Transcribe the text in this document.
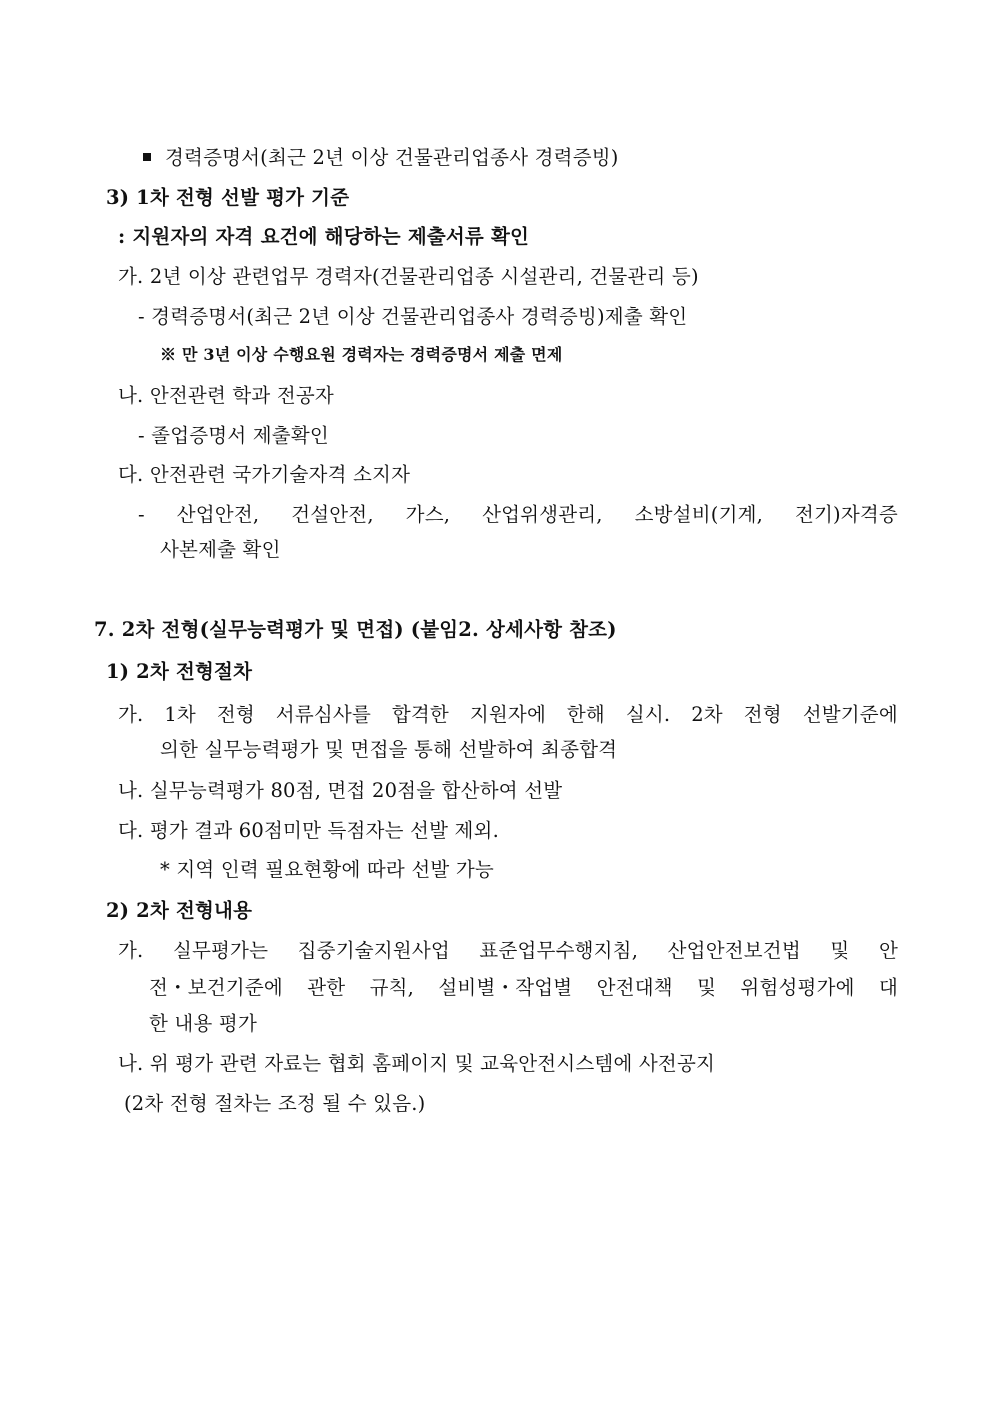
경력증명서(최근 2년 이상 건물관리업종사 경력증빙)
3) 1차 전형 선발 평가 기준
: 지원자의 자격 요건에 해당하는 제출서류 확인
가. 2년 이상 관련업무 경력자(건물관리업종 시설관리, 건물관리 등)
- 경력증명서(최근 2년 이상 건물관리업종사 경력증빙)제출 확인
※ 만 3년 이상 수행요원 경력자는 경력증명서 제출 면제
나. 안전관련 학과 전공자
- 졸업증명서 제출확인
다. 안전관련 국가기술자격 소지자
- 산업안전, 건설안전, 가스, 산업위생관리, 소방설비(기계, 전기)자격증
사본제출 확인
7. 2차 전형(실무능력평가 및 면접) (붙임2. 상세사항 참조)
1) 2차 전형절차
가. 1차 전형 서류심사를 합격한 지원자에 한해 실시. 2차 전형 선발기준에
의한 실무능력평가 및 면접을 통해 선발하여 최종합격
나. 실무능력평가 80점, 면접 20점을 합산하여 선발
다. 평가 결과 60점미만 득점자는 선발 제외.
* 지역 인력 필요현황에 따라 선발 가능
2) 2차 전형내용
가. 실무평가는 집중기술지원사업 표준업무수행지침, 산업안전보건법 및 안
전・보건기준에 관한 규칙, 설비별・작업별 안전대책 및 위험성평가에 대
한 내용 평가
나. 위 평가 관련 자료는 협회 홈페이지 및 교육안전시스템에 사전공지
(2차 전형 절차는 조정 될 수 있음.)
